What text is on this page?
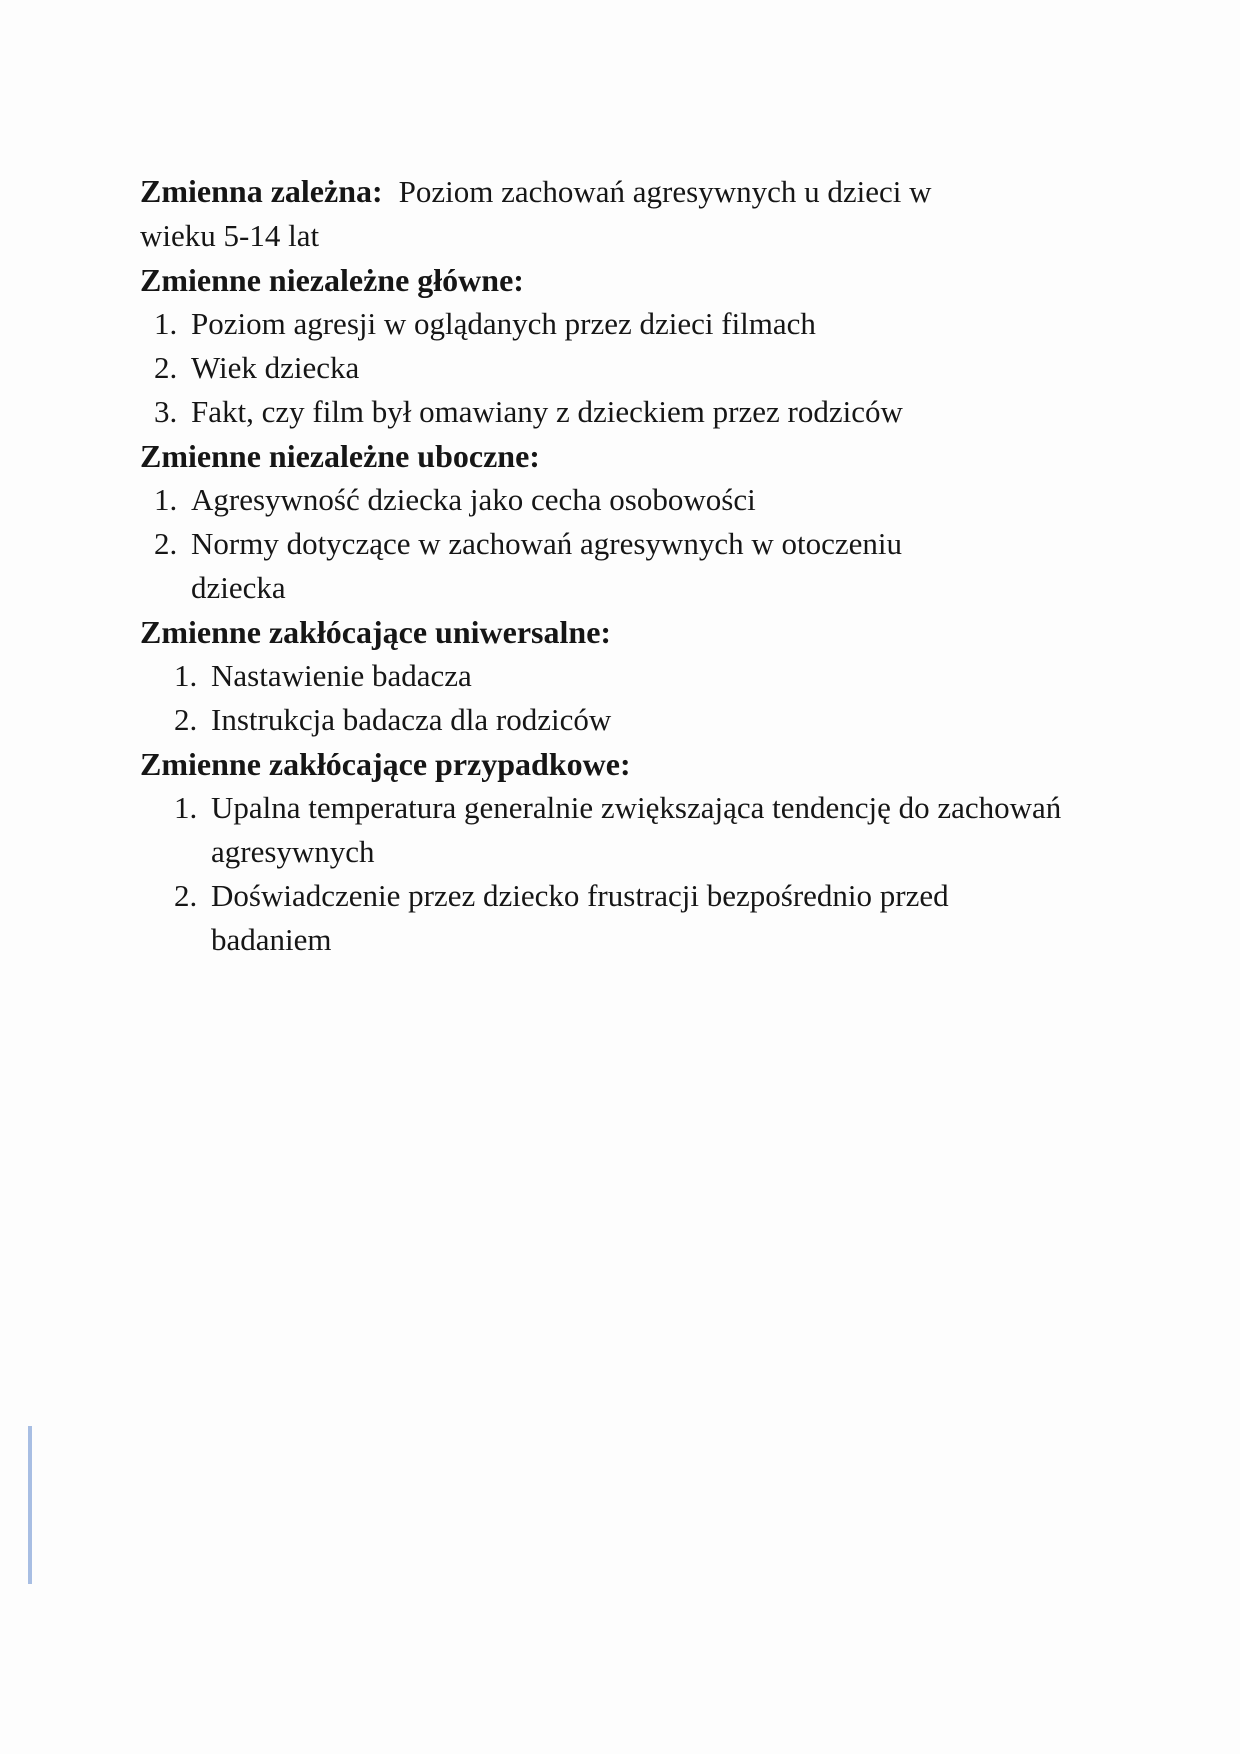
Zmienna zależna: Poziom zachowań agresywnych u dzieci w wieku 5-14 lat

Zmienne niezależne główne:
1. Poziom agresji w oglądanych przez dzieci filmach
2. Wiek dziecka
3. Fakt, czy film był omawiany z dzieckiem przez rodziców
Zmienne niezależne uboczne:
1. Agresywność dziecka jako cecha osobowości
2. Normy dotyczące w zachowań agresywnych w otoczeniu dziecka
Zmienne zakłócające uniwersalne:
1. Nastawienie badacza
2. Instrukcja badacza dla rodziców
Zmienne zakłócające przypadkowe:
1. Upalna temperatura generalnie zwiększająca tendencję do zachowań agresywnych
2. Doświadczenie przez dziecko frustracji bezpośrednio przed badaniem
